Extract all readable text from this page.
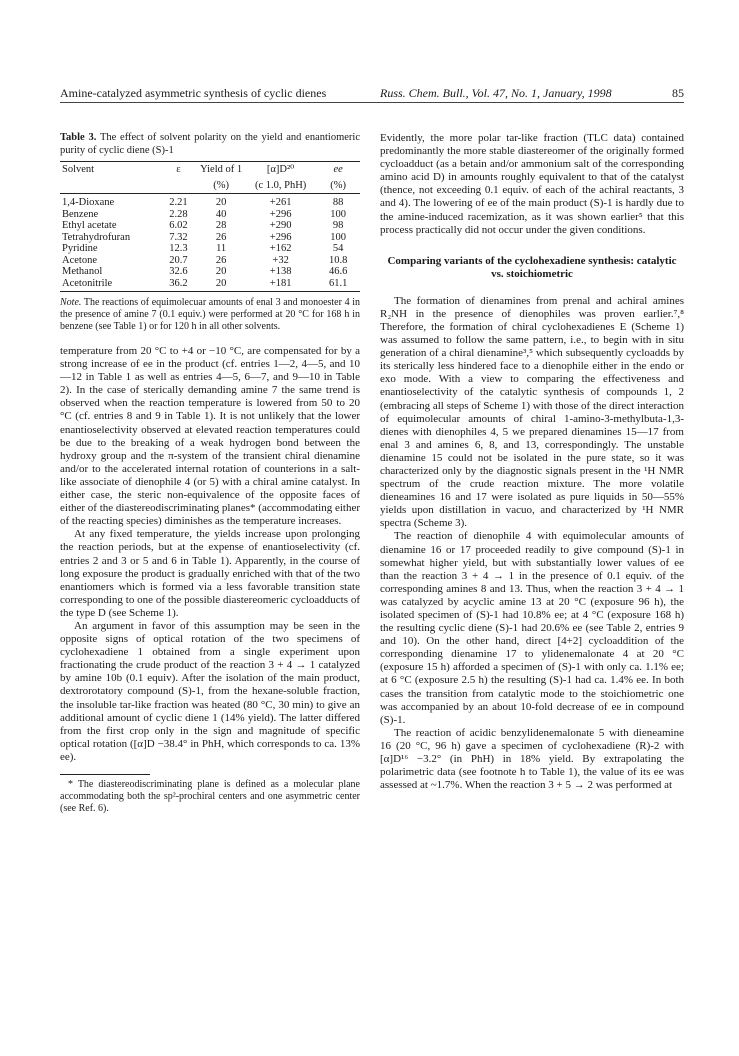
Amine-catalyzed asymmetric synthesis of cyclic dienes	Russ. Chem. Bull., Vol. 47, No. 1, January, 1998	85
Table 3. The effect of solvent polarity on the yield and enantiomeric purity of cyclic diene (S)-1
Solvent	ε	Yield of 1	[α]D²⁰	ee
		(%)	(c 1.0, PhH)	(%)
1,4-Dioxane	2.21	20	+261	88
Benzene	2.28	40	+296	100
Ethyl acetate	6.02	28	+290	98
Tetrahydrofuran	7.32	26	+296	100
Pyridine	12.3	11	+162	54
Acetone	20.7	26	+32	10.8
Methanol	32.6	20	+138	46.6
Acetonitrile	36.2	20	+181	61.1
Note. The reactions of equimolecuar amounts of enal 3 and monoester 4 in the presence of amine 7 (0.1 equiv.) were performed at 20 °C for 168 h in benzene (see Table 1) or for 120 h in all other solvents.

temperature from 20 °C to +4 or −10 °C, are compensated for by a strong increase of ee in the product (cf. entries 1—2, 4—5, and 10—12 in Table 1 as well as entries 4—5, 6—7, and 9—10 in Table 2). In the case of sterically demanding amine 7 the same trend is observed when the reaction temperature is lowered from 50 to 20 °C (cf. entries 8 and 9 in Table 1). It is not unlikely that the lower enantioselectivity observed at elevated reaction temperatures could be due to the breaking of a weak hydrogen bond between the hydroxy group and the π-system of the transient chiral dienamine and/or to the accelerated internal rotation of counterions in a salt-like associate of dienophile 4 (or 5) with a chiral amine catalyst. In either case, the steric non-equivalence of the opposite faces of either of the diastereodiscriminating planes* (accommodating either of the reacting species) diminishes as the temperature increases.

At any fixed temperature, the yields increase upon prolonging the reaction periods, but at the expense of enantioselectivity (cf. entries 2 and 3 or 5 and 6 in Table 1). Apparently, in the course of long exposure the product is gradually enriched with that of the two enantiomers which is formed via a less favorable transition state corresponding to one of the possible diastereomeric cycloadducts of the type D (see Scheme 1).

An argument in favor of this assumption may be seen in the opposite signs of optical rotation of the two specimens of cyclohexadiene 1 obtained from a single experiment upon fractionating the crude product of the reaction 3 + 4 → 1 catalyzed by amine 10b (0.1 equiv). After the isolation of the main product, dextrorotatory compound (S)-1, from the hexane-soluble fraction, the insoluble tar-like fraction was heated (80 °C, 30 min) to give an additional amount of cyclic diene 1 (14% yield). The latter differed from the first crop only in the sign and magnitude of specific optical rotation ([α]D −38.4° in PhH, which corresponds to ca. 13% ee).

* The diastereodiscriminating plane is defined as a molecular plane accommodating both the sp²-prochiral centers and one asymmetric center (see Ref. 6).

Evidently, the more polar tar-like fraction (TLC data) contained predominantly the more stable diastereomer of the originally formed cycloadduct (as a betain and/or ammonium salt of the corresponding amino acid D) in amounts roughly equivalent to that of the catalyst (thence, not exceeding 0.1 equiv. of each of the achiral reactants, 3 and 4). The lowering of ee of the main product (S)-1 is hardly due to the amine-induced racemization, as it was shown earlier⁵ that this process practically did not occur under the given conditions.

Comparing variants of the cyclohexadiene synthesis: catalytic vs. stoichiometric

The formation of dienamines from prenal and achiral amines R₂NH in the presence of dienophiles was proven earlier.⁷,⁸ Therefore, the formation of chiral cyclohexadienes E (Scheme 1) was assumed to follow the same pattern, i.e., to begin with in situ generation of a chiral dienamine³,⁵ which subsequently cycloadds by its sterically less hindered face to a dienophile either in the endo or exo mode. With a view to comparing the effectiveness and enantioselectivity of the catalytic synthesis of compounds 1, 2 (embracing all steps of Scheme 1) with those of the direct interaction of equimolecular amounts of chiral 1-amino-3-methylbuta-1,3-dienes with dienophiles 4, 5 we prepared dienamines 15—17 from enal 3 and amines 6, 8, and 13, correspondingly. The unstable dienamine 15 could not be isolated in the pure state, so it was characterized only by the diagnostic signals present in the ¹H NMR spectrum of the crude reaction mixture. The more volatile dieneamines 16 and 17 were isolated as pure liquids in 50—55% yields upon distillation in vacuo, and characterized by ¹H NMR spectra (Scheme 3).

The reaction of dienophile 4 with equimolecular amounts of dienamine 16 or 17 proceeded readily to give compound (S)-1 in somewhat higher yield, but with substantially lower values of ee than the reaction 3 + 4 → 1 in the presence of 0.1 equiv. of the corresponding amines 8 and 13. Thus, when the reaction 3 + 4 → 1 was catalyzed by acyclic amine 13 at 20 °C (exposure 96 h), the isolated specimen of (S)-1 had 10.8% ee; at 4 °C (exposure 168 h) the resulting cyclic diene (S)-1 had 20.6% ee (see Table 2, entries 9 and 10). On the other hand, direct [4+2] cycloaddition of the corresponding dienamine 17 to ylidenemalonate 4 at 20 °C (exposure 15 h) afforded a specimen of (S)-1 with only ca. 1.1% ee; at 6 °C (exposure 2.5 h) the resulting (S)-1 had ca. 1.4% ee. In both cases the transition from catalytic mode to the stoichiometric one was accompanied by an about 10-fold decrease of ee in compound (S)-1.

The reaction of acidic benzylidenemalonate 5 with dieneamine 16 (20 °C, 96 h) gave a specimen of cyclohexadiene (R)-2 with [α]D¹⁶ −3.2° (in PhH) in 18% yield. By extrapolating the polarimetric data (see footnote h to Table 1), the value of its ee was assessed at ~1.7%. When the reaction 3 + 5 → 2 was performed at
